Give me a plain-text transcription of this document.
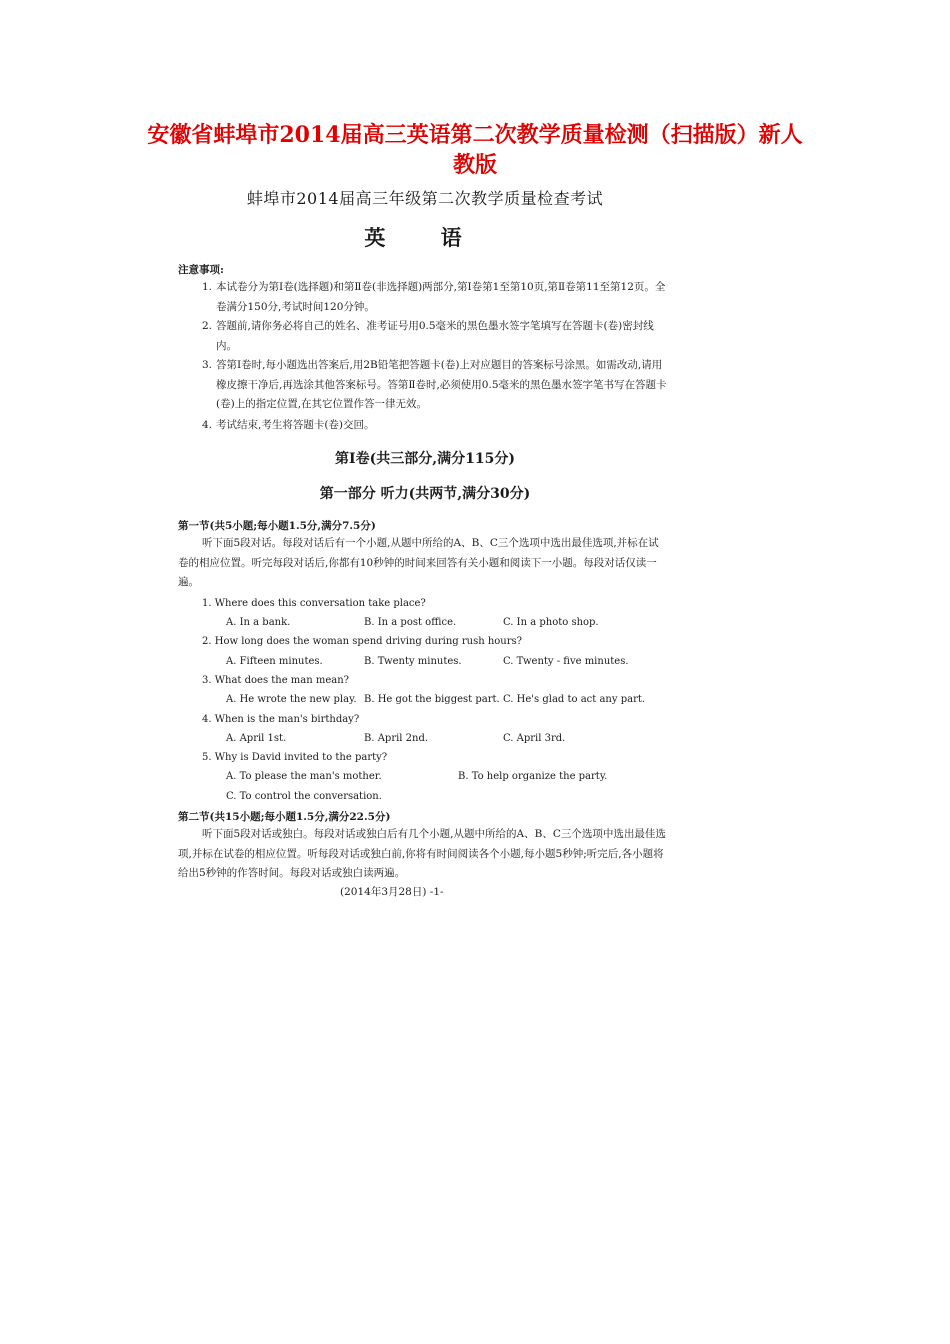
安徽省蚌埠市2014届高三英语第二次教学质量检测（扫描版）新人
教版
蚌埠市2014届高三年级第二次教学质量检查考试
英 语
注意事项:
1. 本试卷分为第Ⅰ卷(选择题)和第Ⅱ卷(非选择题)两部分,第Ⅰ卷第1至第10页,第Ⅱ卷第11至第12页。全卷满分150分,考试时间120分钟。
2. 答题前,请你务必将自己的姓名、准考证号用0.5毫米的黑色墨水签字笔填写在答题卡(卷)密封线内。
3. 答第Ⅰ卷时,每小题选出答案后,用2B铅笔把答题卡(卷)上对应题目的答案标号涂黑。如需改动,请用橡皮擦干净后,再选涂其他答案标号。答第Ⅱ卷时,必须使用0.5毫米的黑色墨水签字笔书写在答题卡(卷)上的指定位置,在其它位置作答一律无效。
4. 考试结束,考生将答题卡(卷)交回。
第Ⅰ卷(共三部分,满分115分)
第一部分 听力(共两节,满分30分)
第一节(共5小题;每小题1.5分,满分7.5分)
听下面5段对话。每段对话后有一个小题,从题中所给的A、B、C三个选项中选出最佳选项,并标在试卷的相应位置。听完每段对话后,你都有10秒钟的时间来回答有关小题和阅读下一小题。每段对话仅读一遍。
1. Where does this conversation take place?
A. In a bank.	B. In a post office.	C. In a photo shop.
2. How long does the woman spend driving during rush hours?
A. Fifteen minutes.	B. Twenty minutes.	C. Twenty - five minutes.
3. What does the man mean?
A. He wrote the new play. B. He got the biggest part. C. He's glad to act any part.
4. When is the man's birthday?
A. April 1st.	B. April 2nd.	C. April 3rd.
5. Why is David invited to the party?
A. To please the man's mother.	B. To help organize the party.
C. To control the conversation.
第二节(共15小题;每小题1.5分,满分22.5分)
听下面5段对话或独白。每段对话或独白后有几个小题,从题中所给的A、B、C三个选项中选出最佳选项,并标在试卷的相应位置。听每段对话或独白前,你将有时间阅读各个小题,每小题5秒钟;听完后,各小题将给出5秒钟的作答时间。每段对话或独白读两遍。
(2014年3月28日) -1-
